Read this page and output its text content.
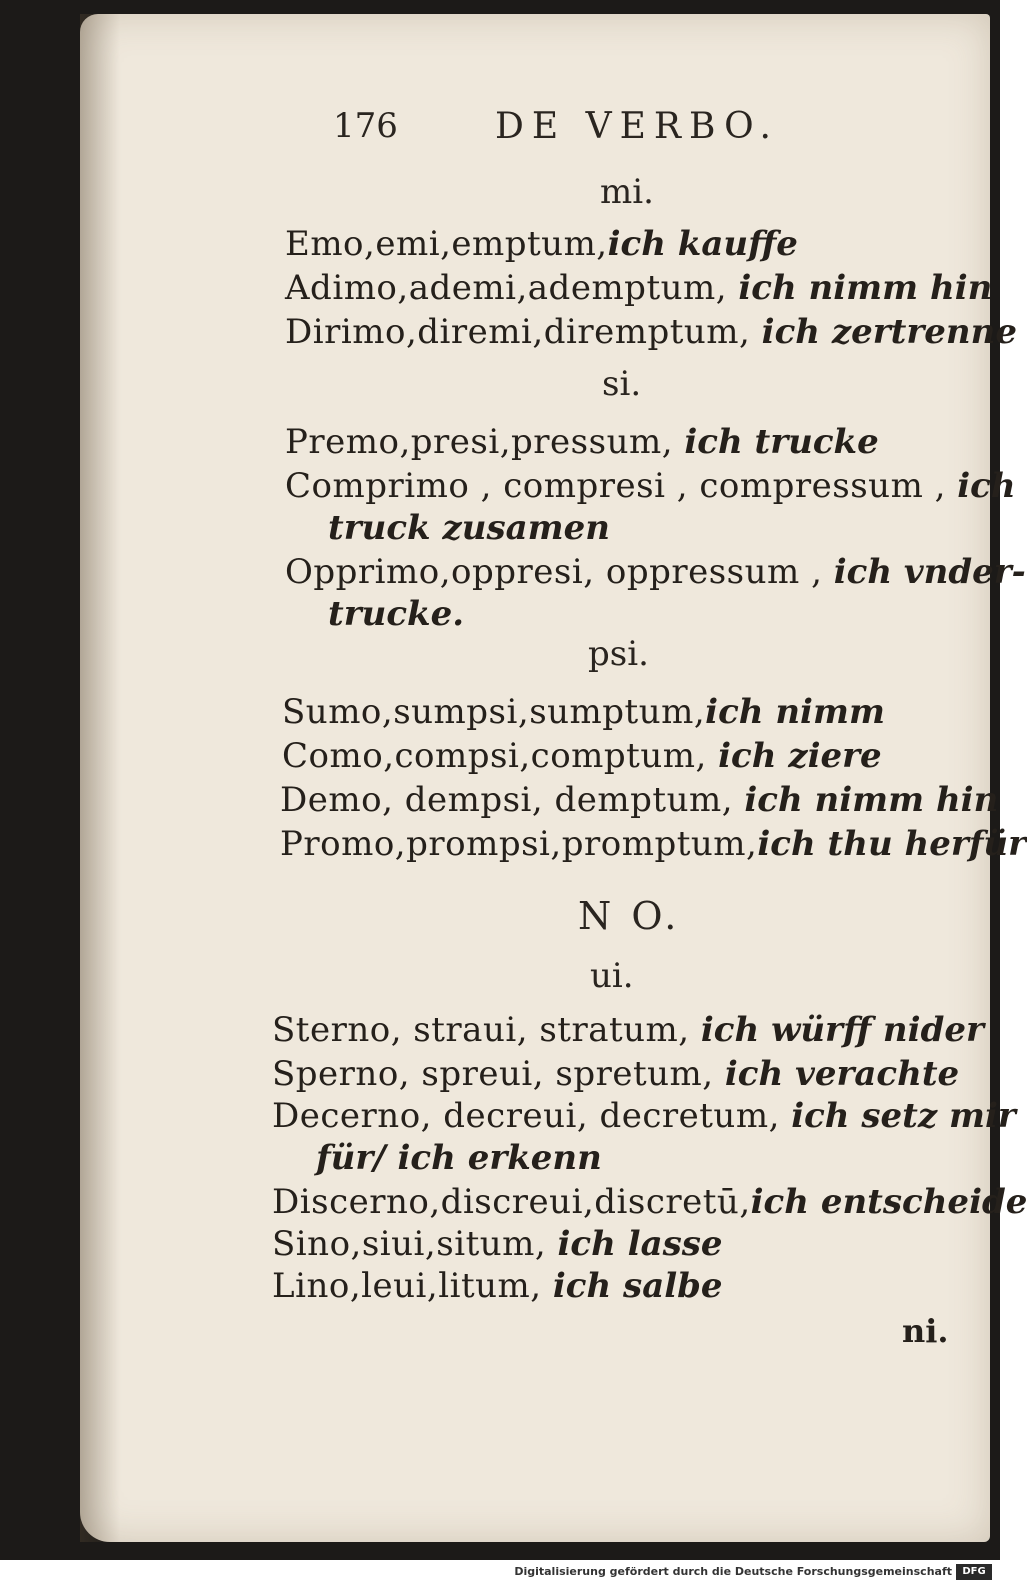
176	DE VERBO.
mi.
Emo,emi,emptum,ich kauffe
Adimo,ademi,ademptum, ich nimm hin
Dirimo,diremi,diremptum, ich zertrenne
si.
Premo,presi,pressum, ich trucke
Comprimo , compresi , compressum , ich
truck zusamen
Opprimo,oppresi, oppressum , ich vnder-
trucke.
psi.
Sumo,sumpsi,sumptum,ich nimm
Como,compsi,comptum, ich ziere
Demo, dempsi, demptum, ich nimm hin
Promo,prompsi,promptum,ich thu herfür
N O.
ui.
Sterno, straui, stratum, ich würff nider
Sperno, spreui, spretum, ich verachte
Decerno, decreui, decretum, ich setz mir
für/ ich erkenn
Discerno,discreui,discretū,ich entscheide
Sino,siui,situm, ich lasse
Lino,leui,litum, ich salbe
ni.
Digitalisierung gefördert durch die Deutsche Forschungsgemeinschaft	DFG
